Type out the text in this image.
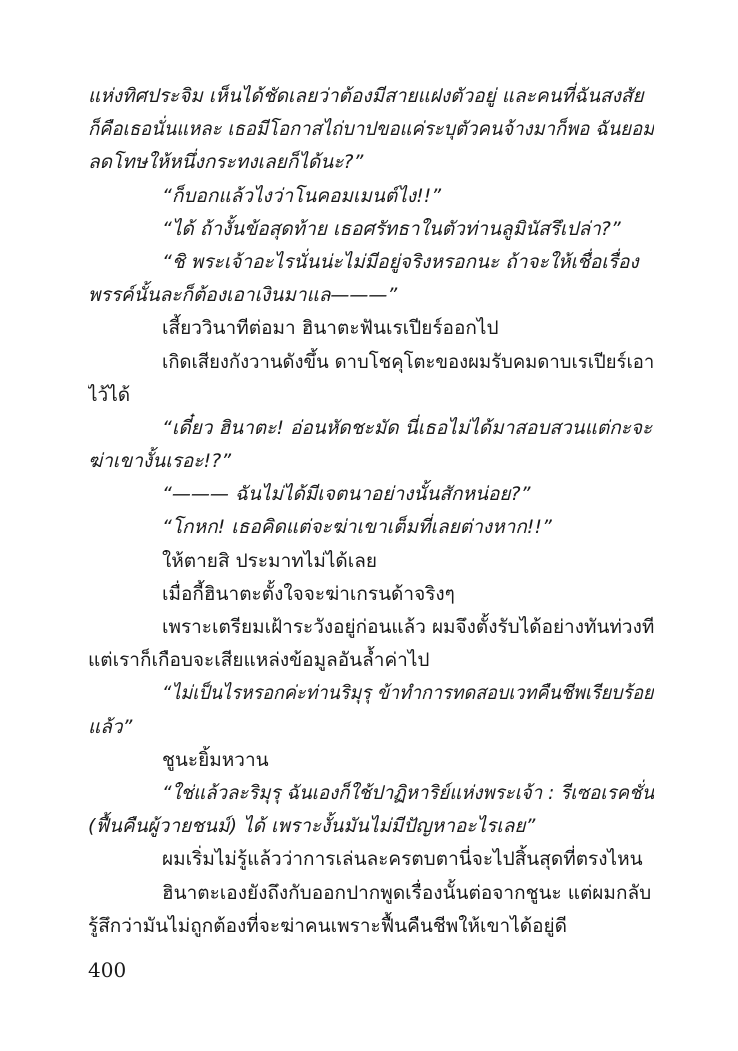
แห่งทิศประจิม เห็นได้ชัดเลยว่าต้องมีสายแฝงตัวอยู่ และคนที่ฉันสงสัย
ก็คือเธอนั่นแหละ เธอมีโอกาสไถ่บาปขอแค่ระบุตัวคนจ้างมาก็พอ ฉันยอม
ลดโทษให้หนึ่งกระทงเลยก็ได้นะ?”
“ก็บอกแล้วไงว่าโนคอมเมนต์ไง!!”
“ได้ ถ้างั้นข้อสุดท้าย เธอศรัทธาในตัวท่านลูมินัสรึเปล่า?”
“ชิ พระเจ้าอะไรนั่นน่ะไม่มีอยู่จริงหรอกนะ ถ้าจะให้เชื่อเรื่อง
พรรค์นั้นละก็ต้องเอาเงินมาแล———”
เสี้ยววินาทีต่อมา ฮินาตะฟันเรเปียร์ออกไป
เกิดเสียงกังวานดังขึ้น ดาบโชคุโตะของผมรับคมดาบเรเปียร์เอา
ไว้ได้
“เดี๋ยว ฮินาตะ! อ่อนหัดชะมัด นี่เธอไม่ได้มาสอบสวนแต่กะจะ
ฆ่าเขางั้นเรอะ!?”
“——— ฉันไม่ได้มีเจตนาอย่างนั้นสักหน่อย?”
“โกหก! เธอคิดแต่จะฆ่าเขาเต็มที่เลยต่างหาก!!”
ให้ตายสิ ประมาทไม่ได้เลย
เมื่อกี้ฮินาตะตั้งใจจะฆ่าเกรนด้าจริงๆ
เพราะเตรียมเฝ้าระวังอยู่ก่อนแล้ว ผมจึงตั้งรับได้อย่างทันท่วงที
แต่เราก็เกือบจะเสียแหล่งข้อมูลอันล้ำค่าไป
“ไม่เป็นไรหรอกค่ะท่านริมุรุ ข้าทำการทดสอบเวทคืนชีพเรียบร้อย
แล้ว”
ชูนะยิ้มหวาน
“ใช่แล้วละริมุรุ ฉันเองก็ใช้ปาฏิหาริย์แห่งพระเจ้า : รีเซอเรคชั่น
(ฟื้นคืนผู้วายชนม์) ได้ เพราะงั้นมันไม่มีปัญหาอะไรเลย”
ผมเริ่มไม่รู้แล้วว่าการเล่นละครตบตานี่จะไปสิ้นสุดที่ตรงไหน
ฮินาตะเองยังถึงกับออกปากพูดเรื่องนั้นต่อจากชูนะ แต่ผมกลับ
รู้สึกว่ามันไม่ถูกต้องที่จะฆ่าคนเพราะฟื้นคืนชีพให้เขาได้อยู่ดี
400
